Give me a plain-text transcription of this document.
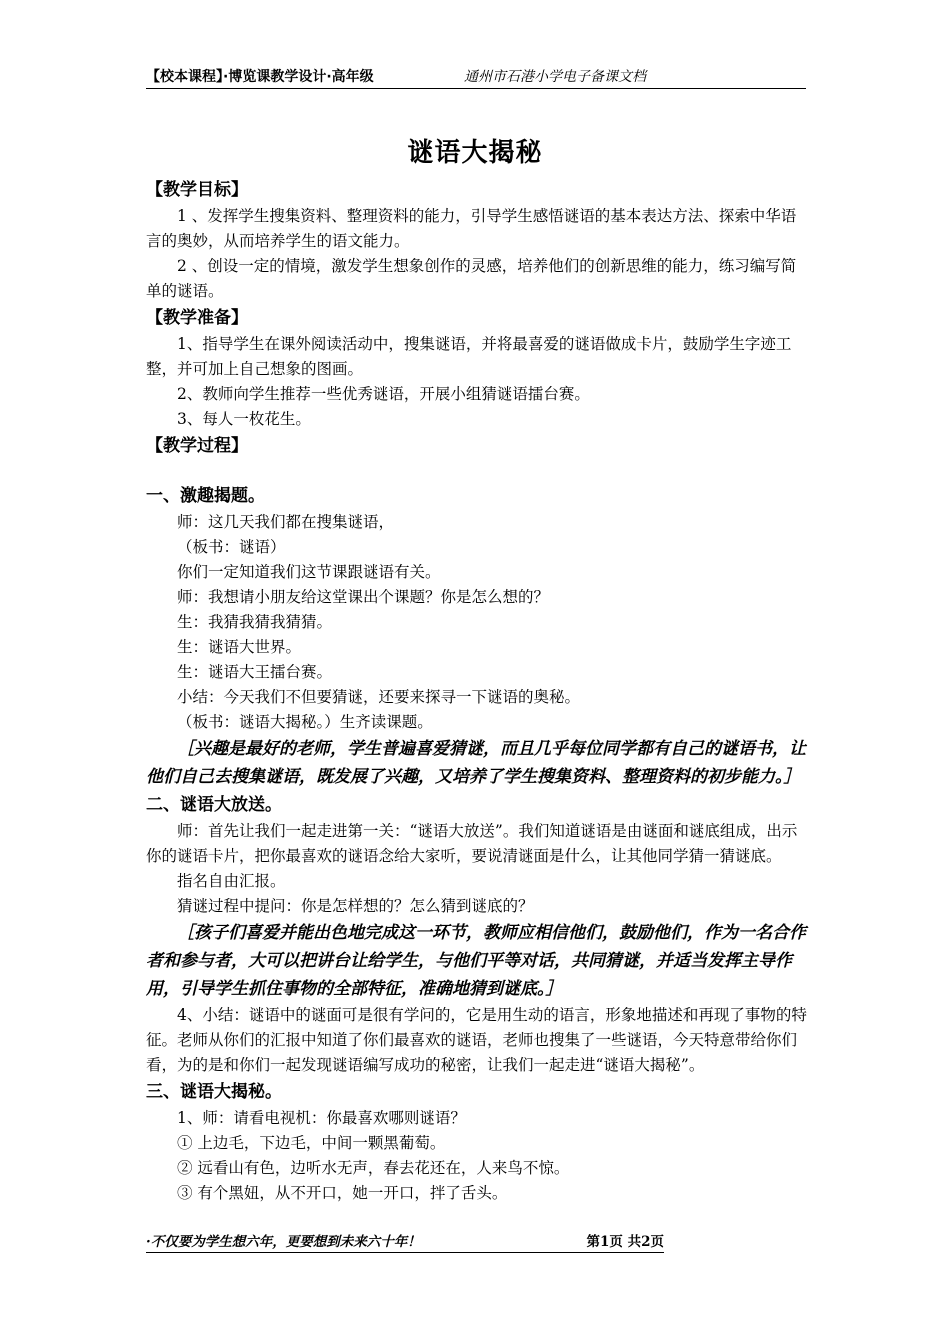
【校本课程】·博览课教学设计·高年级	通州市石港小学电子备课文档
谜语大揭秘

【教学目标】

1 、发挥学生搜集资料、整理资料的能力，引导学生感悟谜语的基本表达方法、探索中华语言的奥妙，从而培养学生的语文能力。

2 、创设一定的情境，激发学生想象创作的灵感，培养他们的创新思维的能力，练习编写简单的谜语。

【教学准备】

1、指导学生在课外阅读活动中，搜集谜语，并将最喜爱的谜语做成卡片，鼓励学生字迹工整，并可加上自己想象的图画。

2、教师向学生推荐一些优秀谜语，开展小组猜谜语擂台赛。

3、每人一枚花生。

【教学过程】

一、激趣揭题。

师：这几天我们都在搜集谜语，

（板书：谜语）

你们一定知道我们这节课跟谜语有关。

师：我想请小朋友给这堂课出个课题？你是怎么想的？

生：我猜我猜我猜猜。

生：谜语大世界。

生：谜语大王擂台赛。

小结：今天我们不但要猜谜，还要来探寻一下谜语的奥秘。

（板书：谜语大揭秘。）生齐读课题。

［兴趣是最好的老师，学生普遍喜爱猜谜，而且几乎每位同学都有自己的谜语书，让他们自己去搜集谜语，既发展了兴趣，又培养了学生搜集资料、整理资料的初步能力。］

二、谜语大放送。

师：首先让我们一起走进第一关：“谜语大放送”。我们知道谜语是由谜面和谜底组成，出示你的谜语卡片，把你最喜欢的谜语念给大家听，要说清谜面是什么，让其他同学猜一猜谜底。

指名自由汇报。

猜谜过程中提问：你是怎样想的？怎么猜到谜底的？

［孩子们喜爱并能出色地完成这一环节，教师应相信他们，鼓励他们，作为一名合作者和参与者，大可以把讲台让给学生，与他们平等对话，共同猜谜，并适当发挥主导作用，引导学生抓住事物的全部特征，准确地猜到谜底。］

4、小结：谜语中的谜面可是很有学问的，它是用生动的语言，形象地描述和再现了事物的特征。老师从你们的汇报中知道了你们最喜欢的谜语，老师也搜集了一些谜语，今天特意带给你们看，为的是和你们一起发现谜语编写成功的秘密，让我们一起走进“谜语大揭秘”。

三、谜语大揭秘。

1、师：请看电视机：你最喜欢哪则谜语？

① 上边毛，下边毛，中间一颗黑葡萄。

② 远看山有色，边听水无声，春去花还在，人来鸟不惊。

③ 有个黑妞，从不开口，她一开口，拌了舌头。

·不仅要为学生想六年，更要想到未来六十年！	第1页 共2页
